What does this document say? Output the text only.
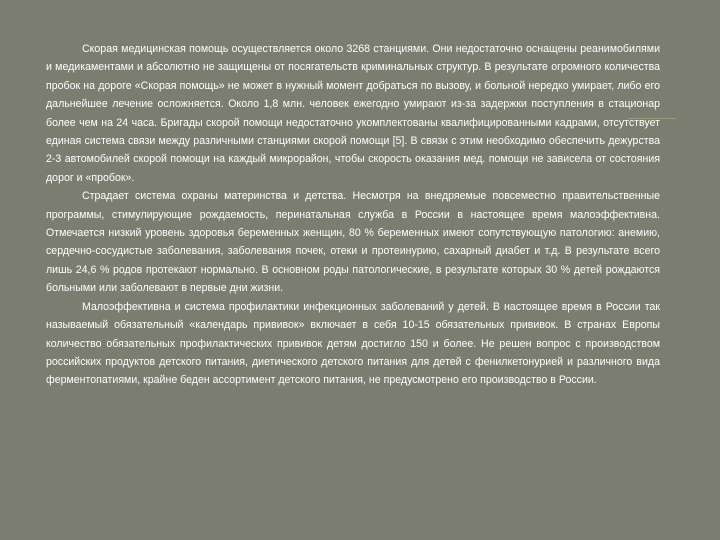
Скорая медицинская помощь осуществляется около 3268 станциями. Они недостаточно оснащены реанимобилями и медикаментами и абсолютно не защищены от посягательств криминальных структур. В результате огромного количества пробок на дороге «Скорая помощь» не может в нужный момент добраться по вызову, и больной нередко умирает, либо его дальнейшее лечение осложняется. Около 1,8 млн. человек ежегодно умирают из-за задержки поступления в стационар более чем на 24 часа. Бригады скорой помощи недостаточно укомплектованы квалифицированными кадрами, отсутствует единая система связи между различными станциями скорой помощи [5]. В связи с этим необходимо обеспечить дежурства 2-3 автомобилей скорой помощи на каждый микрорайон, чтобы скорость оказания мед. помощи не зависела от состояния дорог и «пробок».

Страдает система охраны материнства и детства. Несмотря на внедряемые повсеместно правительственные программы, стимулирующие рождаемость, перинатальная служба в России в настоящее время малоэффективна. Отмечается низкий уровень здоровья беременных женщин, 80 % беременных имеют сопутствующую патологию: анемию, сердечно-сосудистые заболевания, заболевания почек, отеки и протеинурию, сахарный диабет и т.д. В результате всего лишь 24,6 % родов протекают нормально. В основном роды патологические, в результате которых 30 % детей рождаются больными или заболевают в первые дни жизни.

Малоэффективна и система профилактики инфекционных заболеваний у детей. В настоящее время в России так называемый обязательный «календарь прививок» включает в себя 10-15 обязательных прививок. В странах Европы количество обязательных профилактических прививок детям достигло 150 и более. Не решен вопрос с производством российских продуктов детского питания, диетического детского питания для детей с фенилкетонурией и различного вида ферментопатиями, крайне беден ассортимент детского питания, не предусмотрено его производство в России.
